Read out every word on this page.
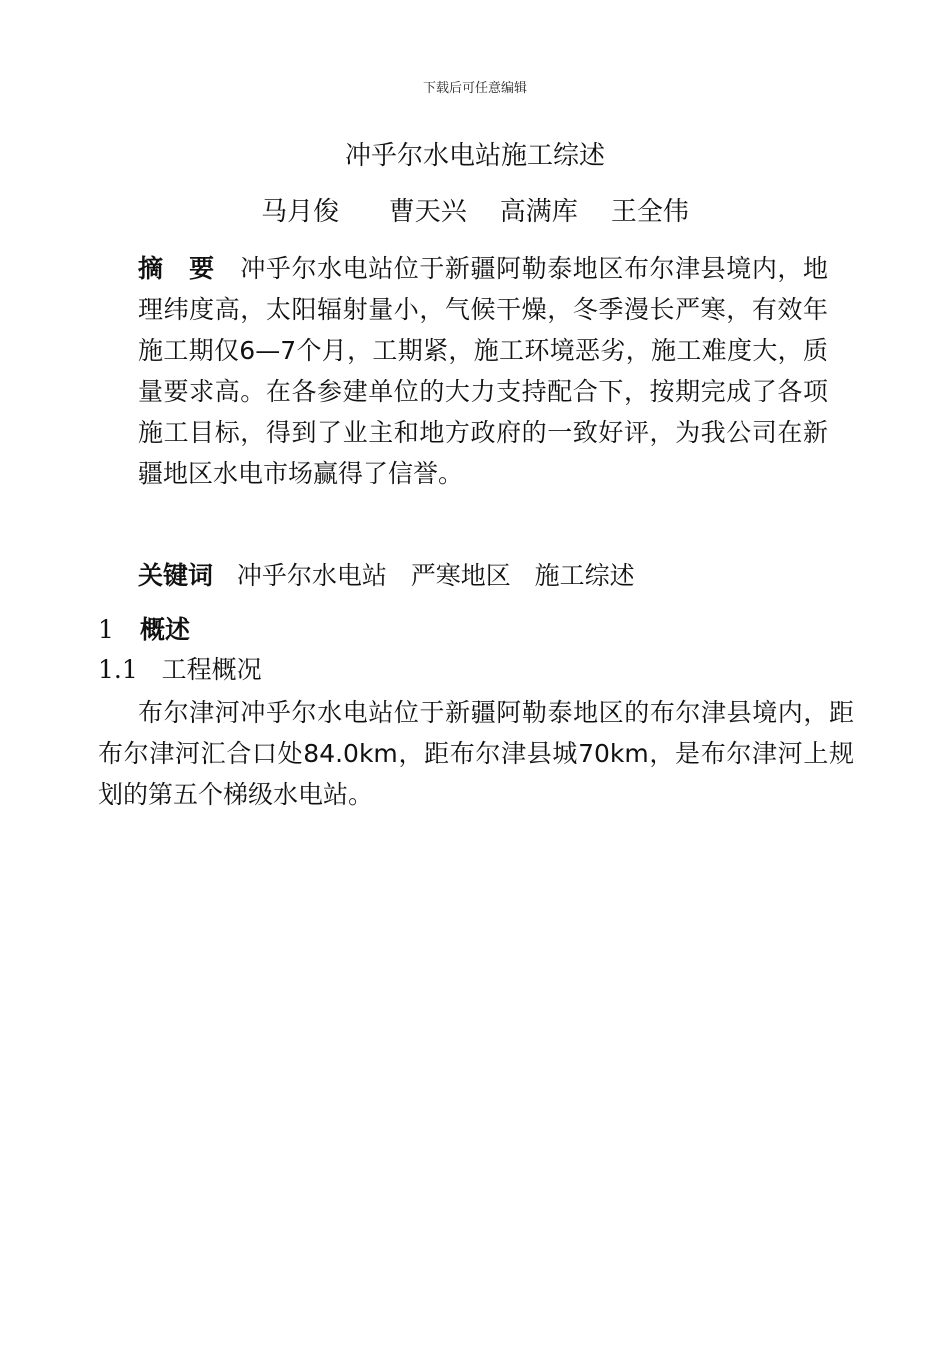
下载后可任意编辑
冲乎尔水电站施工综述
马月俊 曹天兴 高满库 王全伟

摘　要　 冲乎尔水电站位于新疆阿勒泰地区布尔津县境内，地理纬度高，太阳辐射量小，气候干燥，冬季漫长严寒，有效年施工期仅6—7个月，工期紧，施工环境恶劣，施工难度大，质量要求高。在各参建单位的大力支持配合下，按期完成了各项施工目标，得到了业主和地方政府的一致好评，为我公司在新疆地区水电市场赢得了信誉。

关键词 冲乎尔水电站 严寒地区 施工综述
1 概述
1.1 工程概况

布尔津河冲乎尔水电站位于新疆阿勒泰地区的布尔津县境内，距布尔津河汇合口处84.0km，距布尔津县城70km，是布尔津河上规划的第五个梯级水电站。
